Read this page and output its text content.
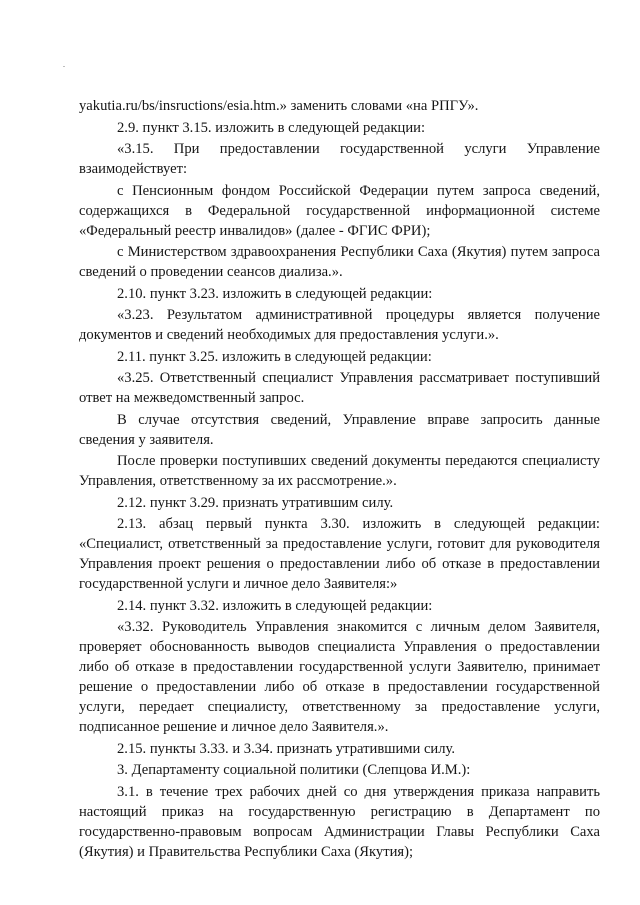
yakutia.ru/bs/insructions/esia.htm.» заменить словами «на РПГУ».

2.9. пункт 3.15. изложить в следующей редакции:

«3.15. При предоставлении государственной услуги Управление взаимодействует:

с Пенсионным фондом Российской Федерации путем запроса сведений, содержащихся в Федеральной государственной информационной системе «Федеральный реестр инвалидов» (далее - ФГИС ФРИ);

с Министерством здравоохранения Республики Саха (Якутия) путем запроса сведений о проведении сеансов диализа.».

2.10. пункт 3.23. изложить в следующей редакции:

«3.23. Результатом административной процедуры является получение документов и сведений необходимых для предоставления услуги.».

2.11. пункт 3.25. изложить в следующей редакции:

«3.25. Ответственный специалист Управления рассматривает поступивший ответ на межведомственный запрос.

В случае отсутствия сведений, Управление вправе запросить данные сведения у заявителя.

После проверки поступивших сведений документы передаются специалисту Управления, ответственному за их рассмотрение.».

2.12. пункт 3.29. признать утратившим силу.

2.13. абзац первый пункта 3.30. изложить в следующей редакции: «Специалист, ответственный за предоставление услуги, готовит для руководителя Управления проект решения о предоставлении либо об отказе в предоставлении государственной услуги и личное дело Заявителя:»

2.14. пункт 3.32. изложить в следующей редакции:

«3.32. Руководитель Управления знакомится с личным делом Заявителя, проверяет обоснованность выводов специалиста Управления о предоставлении либо об отказе в предоставлении государственной услуги Заявителю, принимает решение о предоставлении либо об отказе в предоставлении государственной услуги, передает специалисту, ответственному за предоставление услуги, подписанное решение и личное дело Заявителя.».

2.15. пункты 3.33. и 3.34. признать утратившими силу.

3. Департаменту социальной политики (Слепцова И.М.):

3.1. в течение трех рабочих дней со дня утверждения приказа направить настоящий приказ на государственную регистрацию в Департамент по государственно-правовым вопросам Администрации Главы Республики Саха (Якутия) и Правительства Республики Саха (Якутия);
